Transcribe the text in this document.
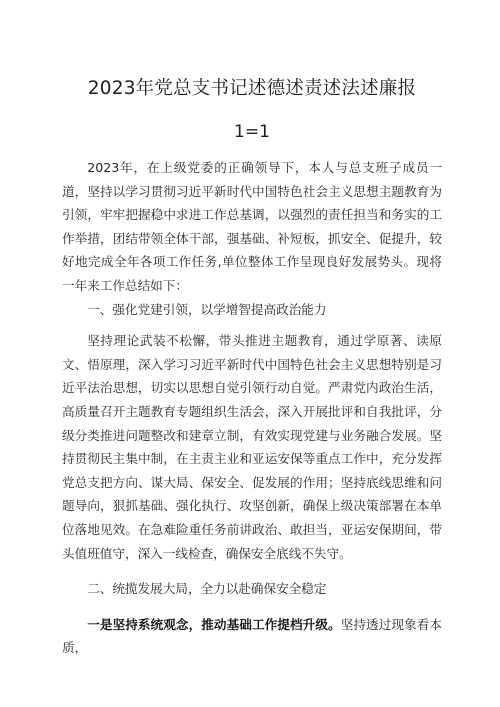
2023年党总支书记述德述责述法述廉报
1=1

2023年，在上级党委的正确领导下，本人与总支班子成员一道，坚持以学习贯彻习近平新时代中国特色社会主义思想主题教育为引领，牢牢把握稳中求进工作总基调，以强烈的责任担当和务实的工作举措，团结带领全体干部，强基础、补短板，抓安全、促提升，较好地完成全年各项工作任务,单位整体工作呈现良好发展势头。现将一年来工作总结如下：

一、强化党建引领，以学增智提高政治能力

坚持理论武装不松懈，带头推进主题教育，通过学原著、读原文、悟原理，深入学习习近平新时代中国特色社会主义思想特别是习近平法治思想，切实以思想自觉引领行动自觉。严肃党内政治生活，高质量召开主题教育专题组织生活会，深入开展批评和自我批评，分级分类推进问题整改和建章立制，有效实现党建与业务融合发展。坚持贯彻民主集中制，在主责主业和亚运安保等重点工作中，充分发挥党总支把方向、谋大局、保安全、促发展的作用；坚持底线思维和问题导向，狠抓基础、强化执行、攻坚创新，确保上级决策部署在本单位落地见效。在急难险重任务前讲政治、敢担当，亚运安保期间，带头值班值守，深入一线检查，确保安全底线不失守。

二、统揽发展大局，全力以赴确保安全稳定

一是坚持系统观念，推动基础工作提档升级。坚持透过现象看本质，
